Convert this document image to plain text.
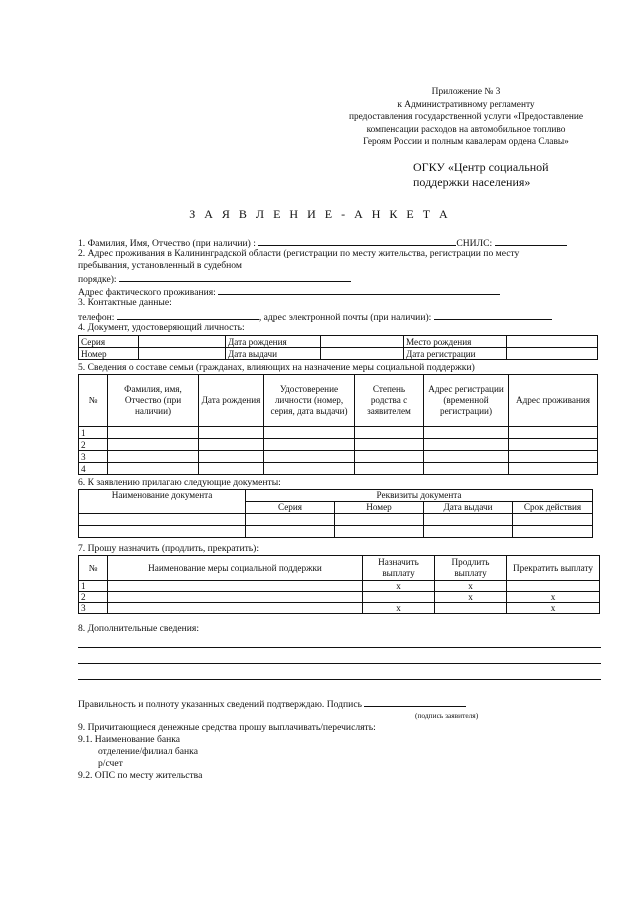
Приложение № 3
к Административному регламенту
предоставления государственной услуги «Предоставление
компенсации расходов на автомобильное топливо
Героям России и полным кавалерам ордена Славы»
ОГКУ «Центр социальной
поддержки населения»
З А Я В Л Е Н И Е - А Н К Е Т А
1. Фамилия, Имя, Отчество (при наличии) :	СНИЛС:
2. Адрес проживания в Калининградской области (регистрации по месту жительства, регистрации по месту
пребывания, установленный в судебном
порядке):
Адрес фактического проживания:
3. Контактные данные:
телефон:	, адрес электронной почты (при наличии):
4. Документ, удостоверяющий личность:
Серия		Дата рождения		Место рождения	
Номер		Дата выдачи		Дата регистрации	
5. Сведения о составе семьи (гражданах, влияющих на назначение меры социальной поддержки)
№	Фамилия, имя, Отчество (при наличии)	Дата рождения	Удостоверение личности (номер, серия, дата выдачи)	Степень родства с заявителем	Адрес регистрации (временной регистрации)	Адрес проживания
1						
2						
3						
4						
6. К заявлению прилагаю следующие документы:
Наименование документа	Реквизиты документа			
	Серия	Номер	Дата выдачи	Срок действия

7. Прошу назначить (продлить, прекратить):
№	Наименование меры социальной поддержки	Назначить выплату	Продлить выплату	Прекратить выплату
1		х	х	
2			х	х
3		х		х
8. Дополнительные сведения:
Правильность и полноту указанных сведений подтверждаю. Подпись
(подпись заявителя)
9. Причитающиеся денежные средства прошу выплачивать/перечислять:
9.1. Наименование банка
отделение/филиал банка
р/счет
9.2. ОПС по месту жительства
